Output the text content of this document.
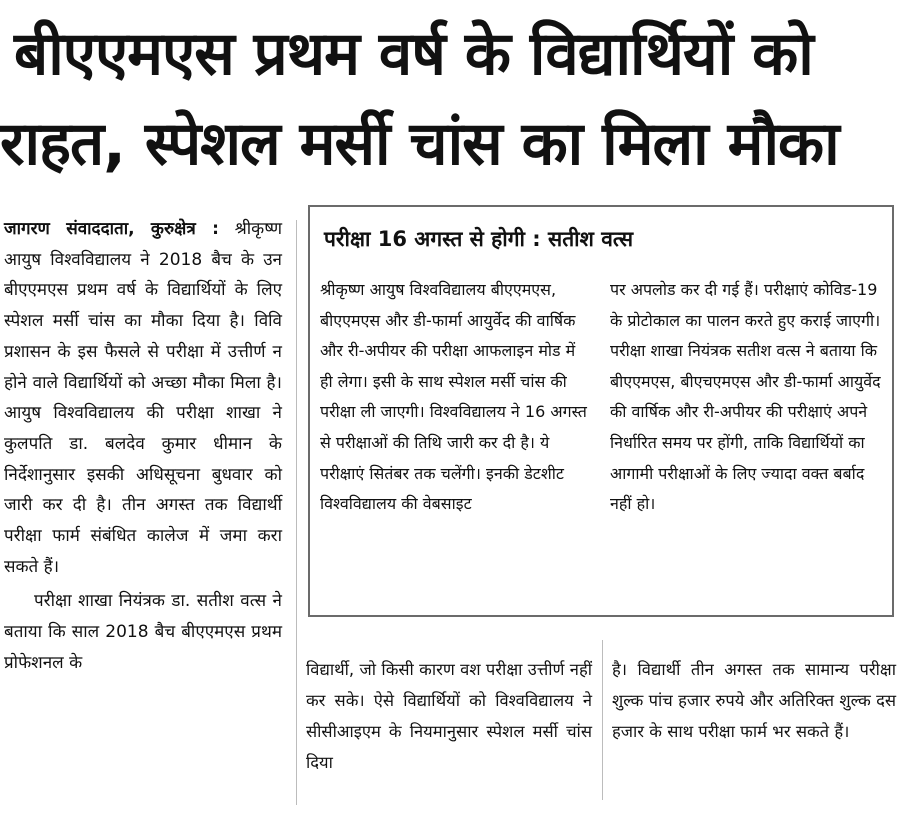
बीएएमएस प्रथम वर्ष के विद्यार्थियों को
राहत, स्पेशल मर्सी चांस का मिला मौका

जागरण संवाददाता, कुरुक्षेत्र : श्रीकृष्ण आयुष विश्वविद्यालय ने 2018 बैच के उन बीएएमएस प्रथम वर्ष के विद्यार्थियों के लिए स्पेशल मर्सी चांस का मौका दिया है। विवि प्रशासन के इस फैसले से परीक्षा में उत्तीर्ण न होने वाले विद्यार्थियों को अच्छा मौका मिला है। आयुष विश्वविद्यालय की परीक्षा शाखा ने कुलपति डा. बलदेव कुमार धीमान के निर्देशानुसार इसकी अधिसूचना बुधवार को जारी कर दी है। तीन अगस्त तक विद्यार्थी परीक्षा फार्म संबंधित कालेज में जमा करा सकते हैं।

परीक्षा शाखा नियंत्रक डा. सतीश वत्स ने बताया कि साल 2018 बैच बीएएमएस प्रथम प्रोफेशनल के

परीक्षा 16 अगस्त से होगी : सतीश वत्स

श्रीकृष्ण आयुष विश्वविद्यालय बीएएमएस, बीएएमएस और डी-फार्मा आयुर्वेद की वार्षिक और री-अपीयर की परीक्षा आफलाइन मोड में ही लेगा। इसी के साथ स्पेशल मर्सी चांस की परीक्षा ली जाएगी। विश्वविद्यालय ने 16 अगस्त से परीक्षाओं की तिथि जारी कर दी है। ये परीक्षाएं सितंबर तक चलेंगी। इनकी डेटशीट विश्वविद्यालय की वेबसाइट

पर अपलोड कर दी गई हैं। परीक्षाएं कोविड-19 के प्रोटोकाल का पालन करते हुए कराई जाएगी। परीक्षा शाखा नियंत्रक सतीश वत्स ने बताया कि बीएएमएस, बीएचएमएस और डी-फार्मा आयुर्वेद की वार्षिक और री-अपीयर की परीक्षाएं अपने निर्धारित समय पर होंगी, ताकि विद्यार्थियों का आगामी परीक्षाओं के लिए ज्यादा वक्त बर्बाद नहीं हो।

विद्यार्थी, जो किसी कारण वश परीक्षा उत्तीर्ण नहीं कर सके। ऐसे विद्यार्थियों को विश्वविद्यालय ने सीसीआइएम के नियमानुसार स्पेशल मर्सी चांस दिया

है। विद्यार्थी तीन अगस्त तक सामान्य परीक्षा शुल्क पांच हजार रुपये और अतिरिक्त शुल्क दस हजार के साथ परीक्षा फार्म भर सकते हैं।
